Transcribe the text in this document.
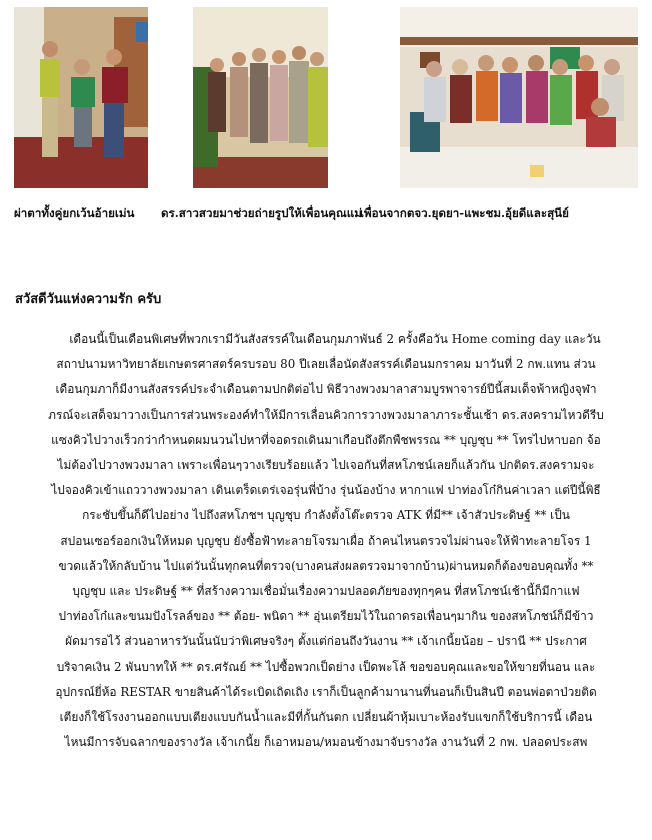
ผ่าตาทั้งคู่ยกเว้นอ้ายเม่น ดร.สาวสวยมาช่วยถ่ายรูปให้เพื่อนคุณแม่
เพื่อนจากตจว.ยุดยา-แพะชม.อุ้ยดีและสุนีย์
สวัสดีวันแห่งความรัก ครับ

เดือนนี้เป็นเดือนพิเศษที่พวกเรามีวันสังสรรค์ในเดือนกุมภาพันธ์ 2 ครั้งคือวัน Home coming day และวัน
สถาปนามหาวิทยาลัยเกษตรศาสตร์ครบรอบ 80 ปีเลยเลื่อนัดสังสรรค์เดือนมกราคม มาวันที่ 2 กพ.แทน ส่วน
เดือนกุมภาก็มีงานสังสรรค์ประจำเดือนตามปกติต่อไป พิธีวางพวงมาลาสามบูรพาจารย์ปีนี้สมเด็จพ้าหญิงจุฬา
ภรณ์จะเสด็จมาวางเป็นการส่วนพระองค์ทำให้มีการเลื่อนคิวการวางพวงมาลาภาระชั้นเช้า ดร.สงครามไหวดีรีบ
แซงคิวไปวางเร็วกว่ากำหนดผมนวนไปหาที่จอดรถเดินมาเกือบถึงตึกพืชพรรณ ** บุญชุบ ** โทรไปหาบอก จ้อ
ไม่ต้องไปวางพวงมาลา เพราะเพื่อนๆวางเรียบร้อยแล้ว ไปเจอกันที่สหโภชน์เลยก็แล้วกัน ปกติดร.สงครามจะ
ไปจองคิวเข้าแถววางพวงมาลา เดินเตร็ดเตร่เจอรุ่นพี่บ้าง รุ่นน้องบ้าง หากาแฟ ปาท่องโก๋กินค่าเวลา แต่ปีนี้พิธี
กระชับขึ้นก็ดีไปอย่าง ไปถึงสหโภชฯ บุญชุบ กำลังตั้งโต๊ะตรวจ ATK ที่มี** เจ้าสัวประดิษฐ์ ** เป็น
สปอนเซอร์ออกเงินให้หมด บุญชุบ ยังซื้อฟ้าทะลายโจรมาเผื่อ ถ้าคนไหนตรวจไม่ผ่านจะให้ฟ้าทะลายโจร 1
ขวดแล้วให้กลับบ้าน ไปแต่วันนั้นทุกคนที่ตรวจ(บางคนส่งผลตรวจมาจากบ้าน)ผ่านหมดก็ต้องขอบคุณทั้ง **
บุญชุบ และ ประดิษฐ์ ** ที่สร้างความเชื่อมั่นเรื่องความปลอดภัยของทุกๆคน ที่สหโภชน์เช้านี้ก็มีกาแฟ
ปาท่องโก๋และขนมปังโรลล์ของ ** ต้อย- พนิดา ** อุ่นเตรียมไว้ในถาดรอเพื่อนๆมากิน ของสหโภชน์ก็มีข้าว
ผัดมารอไว้ ส่วนอาหารวันนั้นนับว่าพิเศษจริงๆ ตั้งแต่ก่อนถึงวันงาน ** เจ้าเกนี้ยน้อย – ปรานี ** ประกาศ
บริจาคเงิน 2 พันบาทให้ ** ดร.ศรัณย์ ** ไปซื้อพวกเป็ดย่าง เป็ดพะโล้ ขอขอบคุณและขอให้ขายที่นอน และ
อุปกรณ์ยี่ห้อ RESTAR ขายสินค้าได้ระเบิดเถิดเถิง เราก็เป็นลูกค้ามานานที่นอนก็เป็นสินปี ตอนพ่อตาป่วยติด
เตียงก็ใช้โรงงานออกแบบเตียงแบบกันน้ำและมีที่กั้นกันตก เปลี่ยนผ้าหุ้มเบาะห้องรับแขกก็ใช้บริการนี้ เดือน
ไหนมีการจับฉลากของรางวัล เจ้าเกนี้ย ก็เอาหมอน/หมอนข้างมาจับรางวัล งานวันที่ 2 กพ. ปลอดประสพ
